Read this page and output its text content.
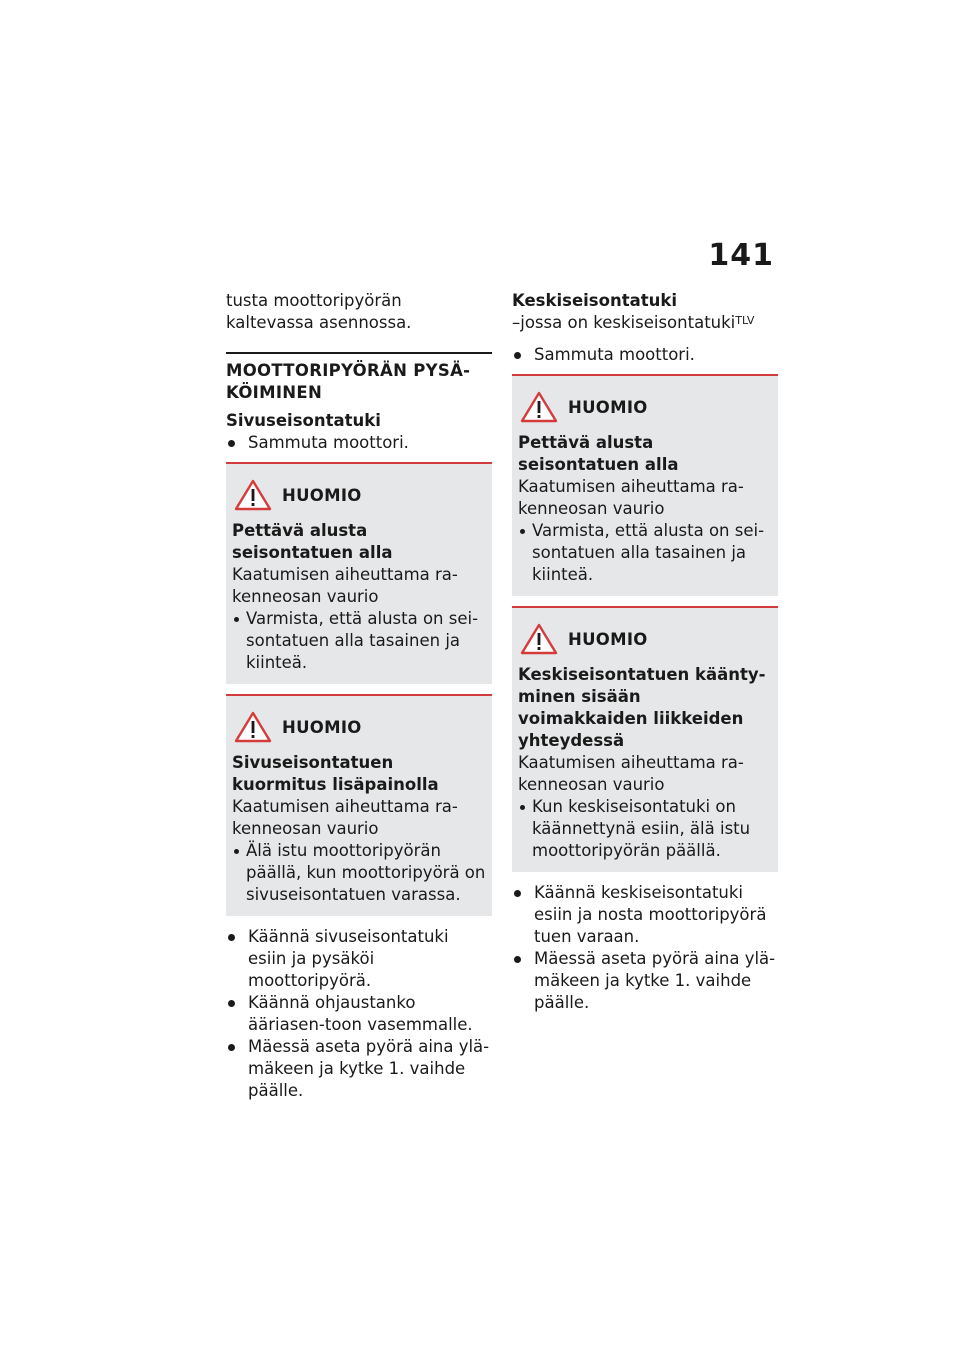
141

tusta moottoripyörän kaltevassa asennossa.

MOOTTORIPYÖRÄN PYSÄ-KÖIMINEN
Sivuseisontatuki
Sammuta moottori.
HUOMIO
Pettävä alusta seisontatuen alla
Kaatumisen aiheuttama ra-kenneosan vaurio
Varmista, että alusta on sei-sontatuen alla tasainen ja kiinteä.
HUOMIO
Sivuseisontatuen kuormitus lisäpainolla
Kaatumisen aiheuttama ra-kenneosan vaurio
Älä istu moottoripyörän päällä, kun moottoripyörä on sivuseisontatuen varassa.
Käännä sivuseisontatuki esiin ja pysäköi moottoripyörä.
Käännä ohjaustanko ääriasen-toon vasemmalle.
Mäessä aseta pyörä aina ylä-mäkeen ja kytke 1. vaihde päälle.
Keskiseisontatuki

–jossa on keskiseisontatuki$^{TLV}$

Sammuta moottori.
HUOMIO
Pettävä alusta seisontatuen alla
Kaatumisen aiheuttama ra-kenneosan vaurio
Varmista, että alusta on sei-sontatuen alla tasainen ja kiinteä.
HUOMIO
Keskiseisontatuen käänty-minen sisään voimakkaiden liikkeiden yhteydessä
Kaatumisen aiheuttama ra-kenneosan vaurio
Kun keskiseisontatuki on käännettynä esiin, älä istu moottoripyörän päällä.
Käännä keskiseisontatuki esiin ja nosta moottoripyörä tuen varaan.
Mäessä aseta pyörä aina ylä-mäkeen ja kytke 1. vaihde päälle.
